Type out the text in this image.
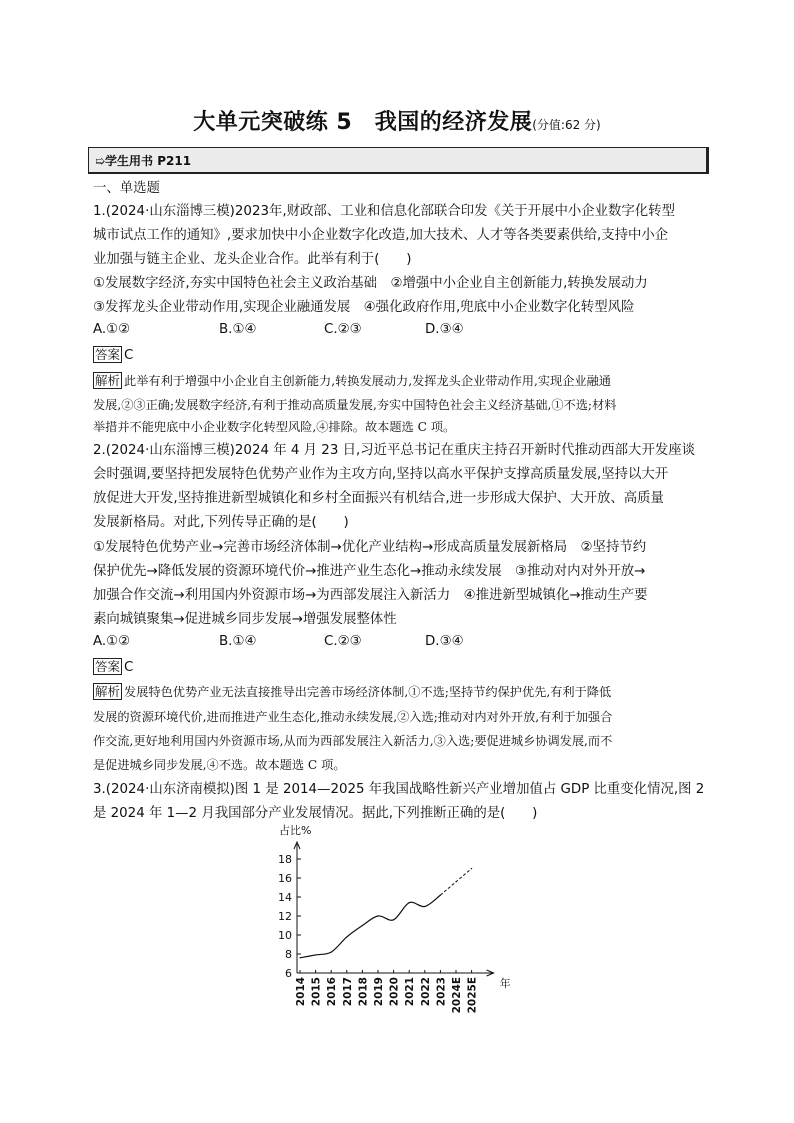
大单元突破练 5　我国的经济发展(分值:62 分)
➯学生用书 P211
一、单选题
1.(2024·山东淄博三模)2023年,财政部、工业和信息化部联合印发《关于开展中小企业数字化转型
城市试点工作的通知》,要求加快中小企业数字化改造,加大技术、人才等各类要素供给,支持中小企
业加强与链主企业、龙头企业合作。此举有利于(　　)
①发展数字经济,夯实中国特色社会主义政治基础　②增强中小企业自主创新能力,转换发展动力
③发挥龙头企业带动作用,实现企业融通发展　④强化政府作用,兜底中小企业数字化转型风险
A.①②	B.①④	C.②③	D.③④
答案 C
解析 此举有利于增强中小企业自主创新能力,转换发展动力,发挥龙头企业带动作用,实现企业融通
发展,②③正确;发展数字经济,有利于推动高质量发展,夯实中国特色社会主义经济基础,①不选;材料
举措并不能兜底中小企业数字化转型风险,④排除。故本题选 C 项。
2.(2024·山东淄博三模)2024 年 4 月 23 日,习近平总书记在重庆主持召开新时代推动西部大开发座谈
会时强调,要坚持把发展特色优势产业作为主攻方向,坚持以高水平保护支撑高质量发展,坚持以大开
放促进大开发,坚持推进新型城镇化和乡村全面振兴有机结合,进一步形成大保护、大开放、高质量
发展新格局。对此,下列传导正确的是(　　)
①发展特色优势产业→完善市场经济体制→优化产业结构→形成高质量发展新格局　②坚持节约
保护优先→降低发展的资源环境代价→推进产业生态化→推动永续发展　③推动对内对外开放→
加强合作交流→利用国内外资源市场→为西部发展注入新活力　④推进新型城镇化→推动生产要
素向城镇聚集→促进城乡同步发展→增强发展整体性
A.①②	B.①④	C.②③	D.③④
答案 C
解析 发展特色优势产业无法直接推导出完善市场经济体制,①不选;坚持节约保护优先,有利于降低
发展的资源环境代价,进而推进产业生态化,推动永续发展,②入选;推动对内对外开放,有利于加强合
作交流,更好地利用国内外资源市场,从而为西部发展注入新活力,③入选;要促进城乡协调发展,而不
是促进城乡同步发展,④不选。故本题选 C 项。
3.(2024·山东济南模拟)图 1 是 2014—2025 年我国战略性新兴产业增加值占 GDP 比重变化情况,图 2
是 2024 年 1—2 月我国部分产业发展情况。据此,下列推断正确的是(　　)
占比%
年
6
8
10
12
14
16
18
2014 2015 2016 2017 2018 2019 2020 2021 2022 2023 2024E 2025E
